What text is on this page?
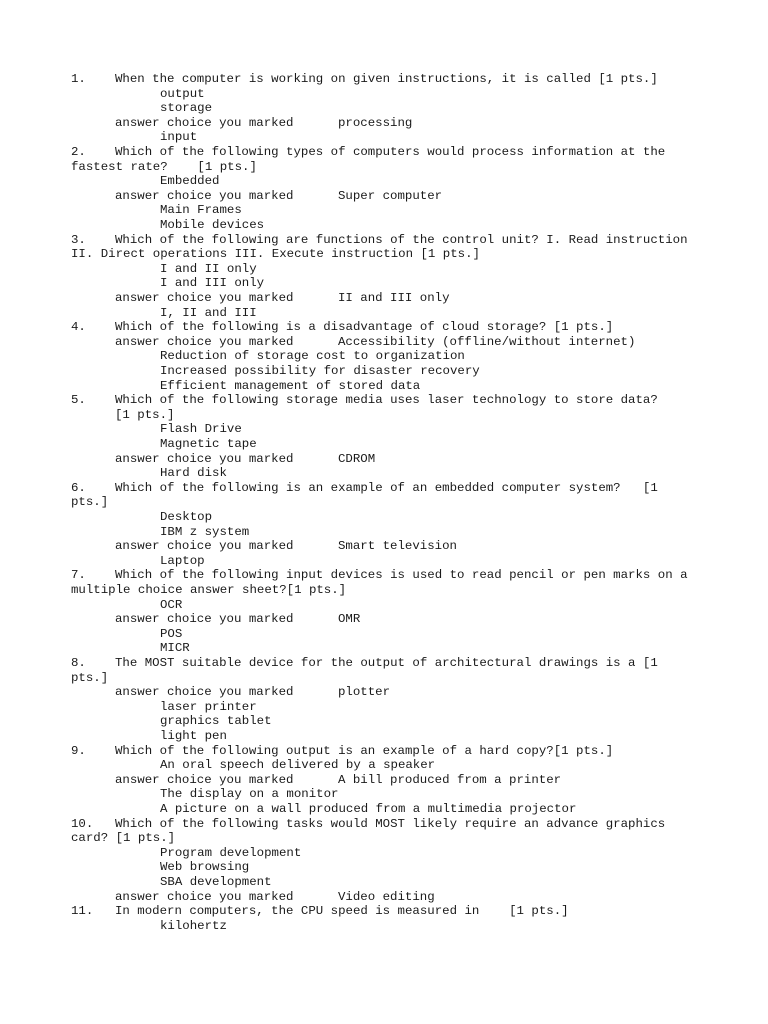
1.	When the computer is working on given instructions, it is called [1 pts.]
output
storage
answer choice you marked	processing
input
2.	Which of the following types of computers would process information at the
fastest rate?    [1 pts.]
Embedded
answer choice you marked	Super computer
Main Frames
Mobile devices
3.	Which of the following are functions of the control unit? I. Read instruction
II. Direct operations III. Execute instruction [1 pts.]
I and II only
I and III only
answer choice you marked	II and III only
I, II and III
4.	Which of the following is a disadvantage of cloud storage? [1 pts.]
answer choice you marked	Accessibility (offline/without internet)
Reduction of storage cost to organization
Increased possibility for disaster recovery
Efficient management of stored data
5.	Which of the following storage media uses laser technology to store data?
[1 pts.]
Flash Drive
Magnetic tape
answer choice you marked	CDROM
Hard disk
6.	Which of the following is an example of an embedded computer system?   [1
pts.]
Desktop
IBM z system
answer choice you marked	Smart television
Laptop
7.	Which of the following input devices is used to read pencil or pen marks on a
multiple choice answer sheet?[1 pts.]
OCR
answer choice you marked	OMR
POS
MICR
8.	The MOST suitable device for the output of architectural drawings is a [1
pts.]
answer choice you marked	plotter
laser printer
graphics tablet
light pen
9.	Which of the following output is an example of a hard copy?[1 pts.]
An oral speech delivered by a speaker
answer choice you marked	A bill produced from a printer
The display on a monitor
A picture on a wall produced from a multimedia projector
10.	Which of the following tasks would MOST likely require an advance graphics
card? [1 pts.]
Program development
Web browsing
SBA development
answer choice you marked	Video editing
11.	In modern computers, the CPU speed is measured in    [1 pts.]
kilohertz
